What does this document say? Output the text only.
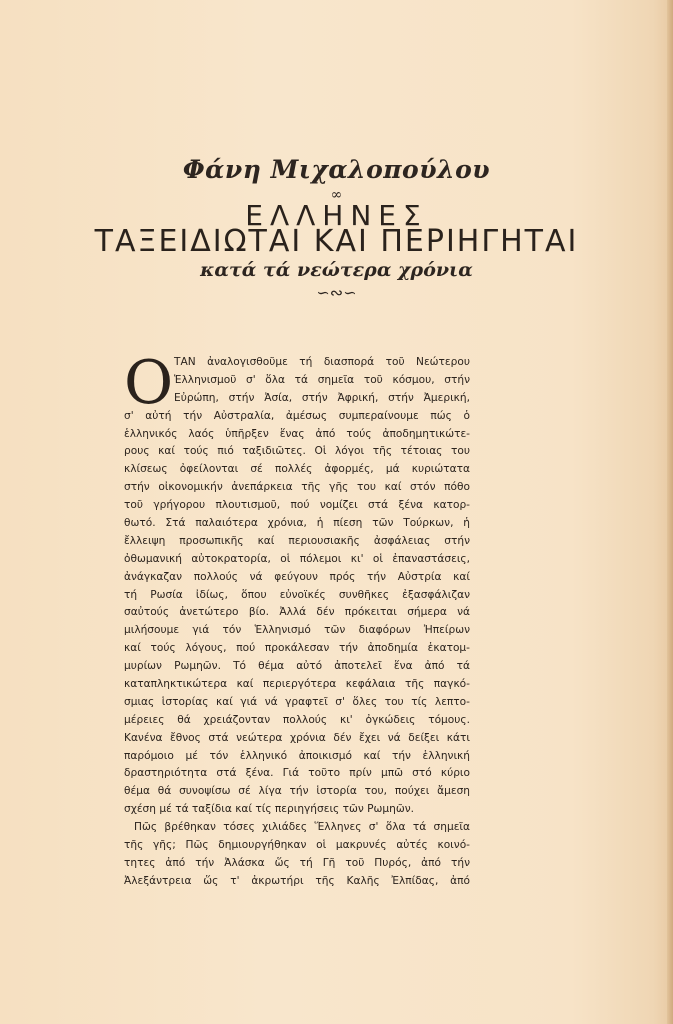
Φάνη Μιχαλοπούλου
∞
ΕΛΛΗΝΕΣ
ΤΑΞΕΙΔΙΩΤΑΙ ΚΑΙ ΠΕΡΙΗΓΗΤΑΙ
κατά τά νεώτερα χρόνια
∽∾∽
Ο ΤΑΝ ἀναλογισθοῦμε τή διασπορά τοῦ Νεώτερου
Ἑλληνισμοῦ σ' ὅλα τά σημεῖα τοῦ κόσμου, στήν
Εὐρώπη, στήν Ἀσία, στήν Ἀφρική, στήν Ἀμερική,
σ' αὐτή τήν Αὐστραλία, ἀμέσως συμπεραίνουμε πώς ὁ
ἑλληνικός λαός ὑπῆρξεν ἕνας ἀπό τούς ἀποδημητικώτε-
ρους καί τούς πιό ταξιδιῶτες. Οἱ λόγοι τῆς τέτοιας του
κλίσεως ὀφείλονται σέ πολλές ἀφορμές, μά κυριώτατα
στήν οἰκονομικήν ἀνεπάρκεια τῆς γῆς του καί στόν πόθο
τοῦ γρήγορου πλουτισμοῦ, πού νομίζει στά ξένα κατορ-
θωτό. Στά παλαιότερα χρόνια, ἡ πίεση τῶν Τούρκων, ἡ
ἔλλειψη προσωπικῆς καί περιουσιακῆς ἀσφάλειας στήν
ὀθωμανική αὐτοκρατορία, οἱ πόλεμοι κι' οἱ ἐπαναστάσεις,
ἀνάγκαζαν πολλούς νά φεύγουν πρός τήν Αὐστρία καί
τή Ρωσία ἰδίως, ὅπου εὐνοϊκές συνθῆκες ἐξασφάλιζαν
σαὐτούς ἀνετώτερο βίο. Ἀλλά δέν πρόκειται σήμερα νά
μιλήσουμε γιά τόν Ἑλληνισμό τῶν διαφόρων Ἠπείρων
καί τούς λόγους, πού προκάλεσαν τήν ἀποδημία ἑκατομ-
μυρίων Ρωμηῶν. Τό θέμα αὐτό ἀποτελεῖ ἕνα ἀπό τά
καταπληκτικώτερα καί περιεργότερα κεφάλαια τῆς παγκό-
σμιας ἱστορίας καί γιά νά γραφτεῖ σ' ὅλες του τίς λεπτο-
μέρειες θά χρειάζονταν πολλούς κι' ὀγκώδεις τόμους.
Κανένα ἔθνος στά νεώτερα χρόνια δέν ἔχει νά δείξει κάτι
παρόμοιο μέ τόν ἑλληνικό ἀποικισμό καί τήν ἑλληνική
δραστηριότητα στά ξένα. Γιά τοῦτο πρίν μπῶ στό κύριο
θέμα θά συνοψίσω σέ λίγα τήν ἱστορία του, πούχει ἄμεση
σχέση μέ τά ταξίδια καί τίς περιηγήσεις τῶν Ρωμηῶν.
Πῶς βρέθηκαν τόσες χιλιάδες Ἕλληνες σ' ὅλα τά σημεῖα
τῆς γῆς; Πῶς δημιουργήθηκαν οἱ μακρυνές αὐτές κοινό-
τητες ἀπό τήν Ἀλάσκα ὥς τή Γῆ τοῦ Πυρός, ἀπό τήν
Ἀλεξάντρεια ὥς τ' ἀκρωτήρι τῆς Καλῆς Ἐλπίδας, ἀπό
